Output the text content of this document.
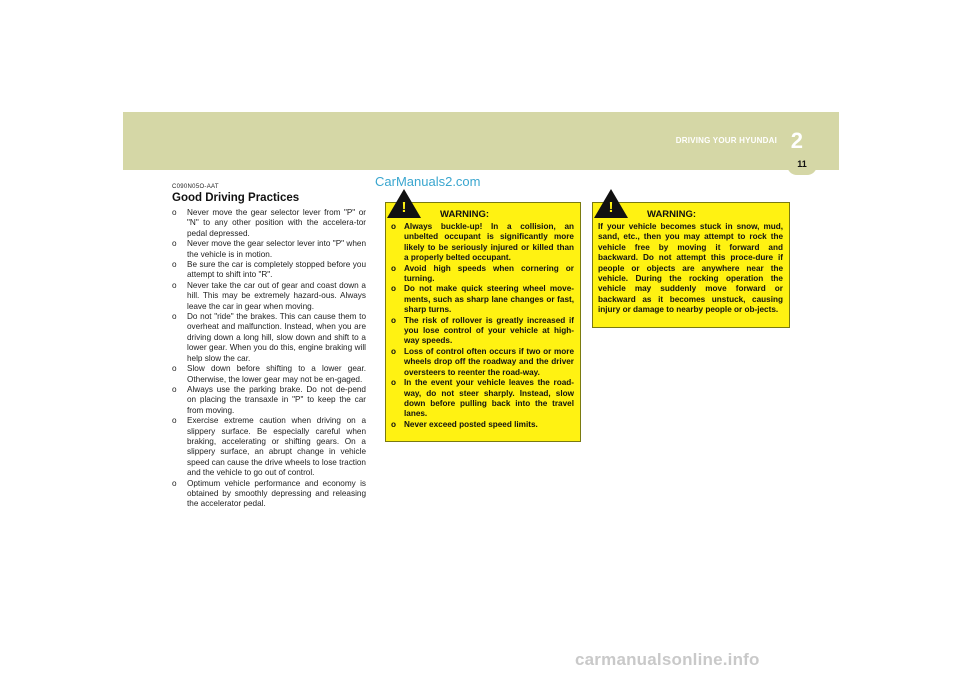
DRIVING YOUR HYUNDAI 2
11
CarManuals2.com
C090N05O-AAT
Good Driving Practices
o Never move the gear selector lever from "P" or "N" to any other position with the accelera-tor pedal depressed.
o Never move the gear selector lever into "P" when the vehicle is in motion.
o Be sure the car is completely stopped before you attempt to shift into "R".
o Never take the car out of gear and coast down a hill. This may be extremely hazard-ous. Always leave the car in gear when moving.
o Do not "ride" the brakes. This can cause them to overheat and malfunction. Instead, when you are driving down a long hill, slow down and shift to a lower gear. When you do this, engine braking will help slow the car.
o Slow down before shifting to a lower gear. Otherwise, the lower gear may not be en-gaged.
o Always use the parking brake. Do not de-pend on placing the transaxle in "P" to keep the car from moving.
o Exercise extreme caution when driving on a slippery surface. Be especially careful when braking, accelerating or shifting gears. On a slippery surface, an abrupt change in vehicle speed can cause the drive wheels to lose traction and the vehicle to go out of control.
o Optimum vehicle performance and economy is obtained by smoothly depressing and releasing the accelerator pedal.
WARNING:
o Always buckle-up! In a collision, an unbelted occupant is significantly more likely to be seriously injured or killed than a properly belted occupant.
o Avoid high speeds when cornering or turning.
o Do not make quick steering wheel move-ments, such as sharp lane changes or fast, sharp turns.
o The risk of rollover is greatly increased if you lose control of your vehicle at high-way speeds.
o Loss of control often occurs if two or more wheels drop off the roadway and the driver oversteers to reenter the road-way.
o In the event your vehicle leaves the road-way, do not steer sharply. Instead, slow down before pulling back into the travel lanes.
o Never exceed posted speed limits.
!	WARNING:

If your vehicle becomes stuck in snow, mud, sand, etc., then you may attempt to rock the vehicle free by moving it forward and backward. Do not attempt this proce-dure if people or objects are anywhere near the vehicle. During the rocking operation the vehicle may suddenly move forward or backward as it becomes unstuck, causing injury or damage to nearby people or ob-jects.

!
carmanualsonline.info
